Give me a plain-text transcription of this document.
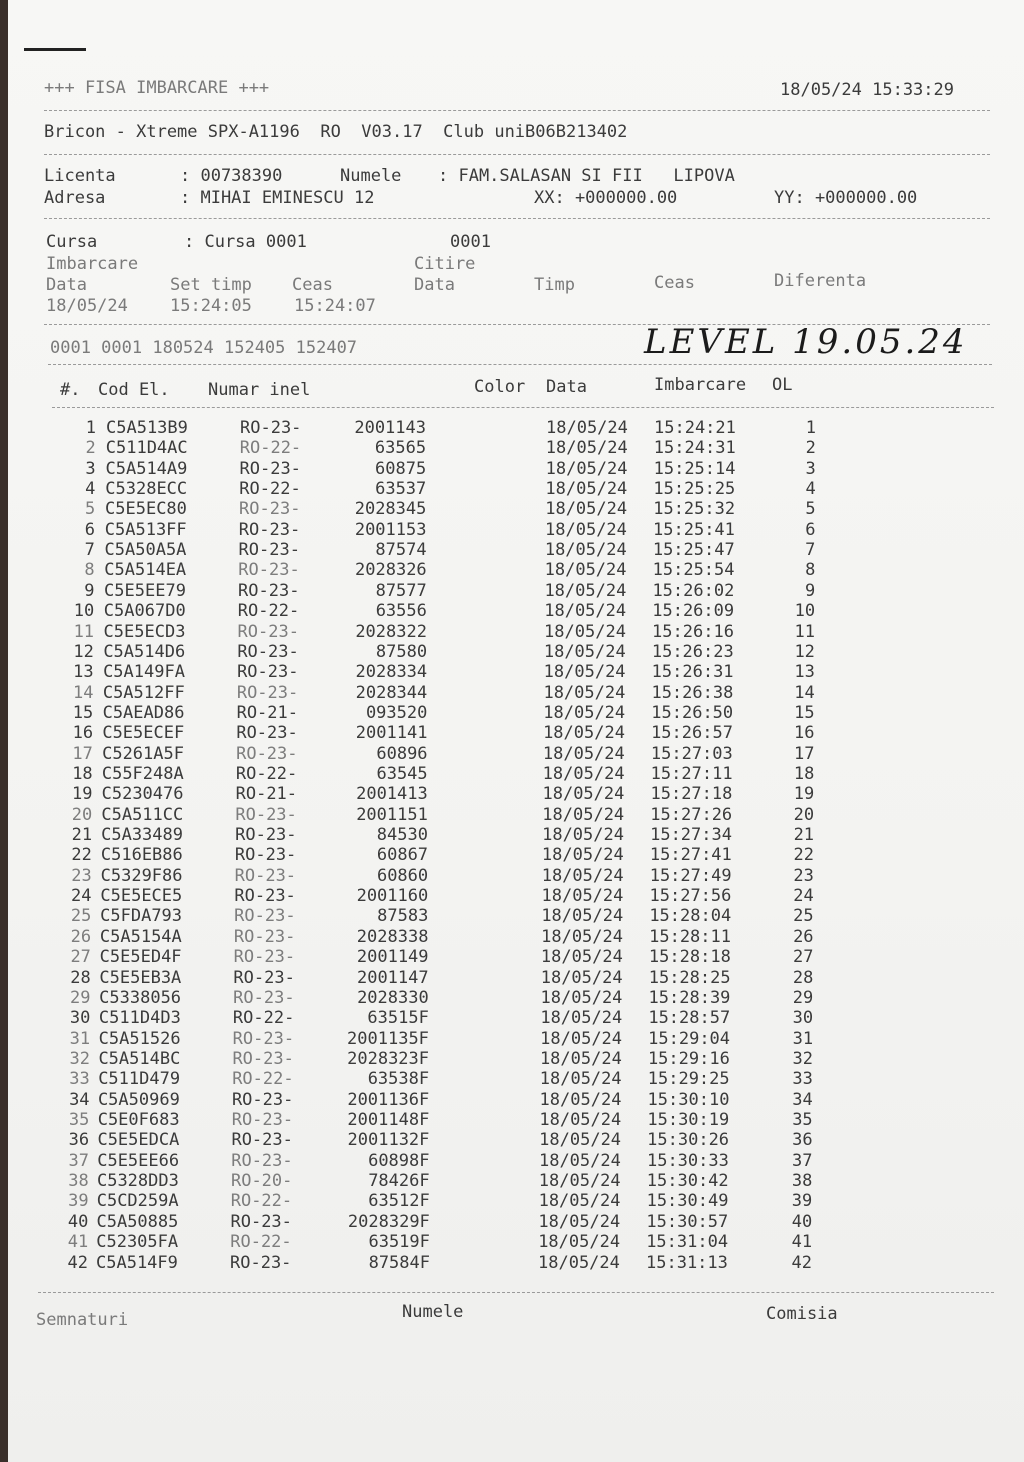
+++ FISA IMBARCARE +++	18/05/24 15:33:29
Bricon - Xtreme SPX-A1196  RO  V03.17  Club uniB06B213402
Licenta	: 00738390	Numele : FAM.SALASAN SI FII   LIPOVA
Adresa	: MIHAI EMINESCU 12	XX: +000000.00	YY: +000000.00
Cursa	: Cursa 0001	0001
Imbarcare	Citire
Data	Set timp Ceas	Data	Timp	Ceas	Diferenta
18/05/24 15:24:05 15:24:07
0001 0001 180524 152405 152407	LEVEL 19.05.24
#. Cod El. Numar inel	Color Data	Imbarcare OL
1 C5A513B9	RO-23-	2001143	18/05/24 15:24:21	1
2 C511D4AC	RO-22-	63565	18/05/24 15:24:31	2
3 C5A514A9	RO-23-	60875	18/05/24 15:25:14	3
4 C5328ECC	RO-22-	63537	18/05/24 15:25:25	4
5 C5E5EC80	RO-23-	2028345	18/05/24 15:25:32	5
6 C5A513FF	RO-23-	2001153	18/05/24 15:25:41	6
7 C5A50A5A	RO-23-	87574	18/05/24 15:25:47	7
8 C5A514EA	RO-23-	2028326	18/05/24 15:25:54	8
9 C5E5EE79	RO-23-	87577	18/05/24 15:26:02	9
10 C5A067D0	RO-22-	63556	18/05/24 15:26:09	10
11 C5E5ECD3	RO-23-	2028322	18/05/24 15:26:16	11
12 C5A514D6	RO-23-	87580	18/05/24 15:26:23	12
13 C5A149FA	RO-23-	2028334	18/05/24 15:26:31	13
14 C5A512FF	RO-23-	2028344	18/05/24 15:26:38	14
15 C5AEAD86	RO-21-	093520	18/05/24 15:26:50	15
16 C5E5ECEF	RO-23-	2001141	18/05/24 15:26:57	16
17 C5261A5F	RO-23-	60896	18/05/24 15:27:03	17
18 C55F248A	RO-22-	63545	18/05/24 15:27:11	18
19 C5230476	RO-21-	2001413	18/05/24 15:27:18	19
20 C5A511CC	RO-23-	2001151	18/05/24 15:27:26	20
21 C5A33489	RO-23-	84530	18/05/24 15:27:34	21
22 C516EB86	RO-23-	60867	18/05/24 15:27:41	22
23 C5329F86	RO-23-	60860	18/05/24 15:27:49	23
24 C5E5ECE5	RO-23-	2001160	18/05/24 15:27:56	24
25 C5FDA793	RO-23-	87583	18/05/24 15:28:04	25
26 C5A5154A	RO-23-	2028338	18/05/24 15:28:11	26
27 C5E5ED4F	RO-23-	2001149	18/05/24 15:28:18	27
28 C5E5EB3A	RO-23-	2001147	18/05/24 15:28:25	28
29 C5338056	RO-23-	2028330	18/05/24 15:28:39	29
30 C511D4D3	RO-22-	63515F	18/05/24 15:28:57	30
31 C5A51526	RO-23-	2001135F	18/05/24 15:29:04	31
32 C5A514BC	RO-23-	2028323F	18/05/24 15:29:16	32
33 C511D479	RO-22-	63538F	18/05/24 15:29:25	33
34 C5A50969	RO-23-	2001136F	18/05/24 15:30:10	34
35 C5E0F683	RO-23-	2001148F	18/05/24 15:30:19	35
36 C5E5EDCA	RO-23-	2001132F	18/05/24 15:30:26	36
37 C5E5EE66	RO-23-	60898F	18/05/24 15:30:33	37
38 C5328DD3	RO-20-	78426F	18/05/24 15:30:42	38
39 C5CD259A	RO-22-	63512F	18/05/24 15:30:49	39
40 C5A50885	RO-23-	2028329F	18/05/24 15:30:57	40
41 C52305FA	RO-22-	63519F	18/05/24 15:31:04	41
42 C5A514F9	RO-23-	87584F	18/05/24 15:31:13	42
Semnaturi	Numele	Comisia
